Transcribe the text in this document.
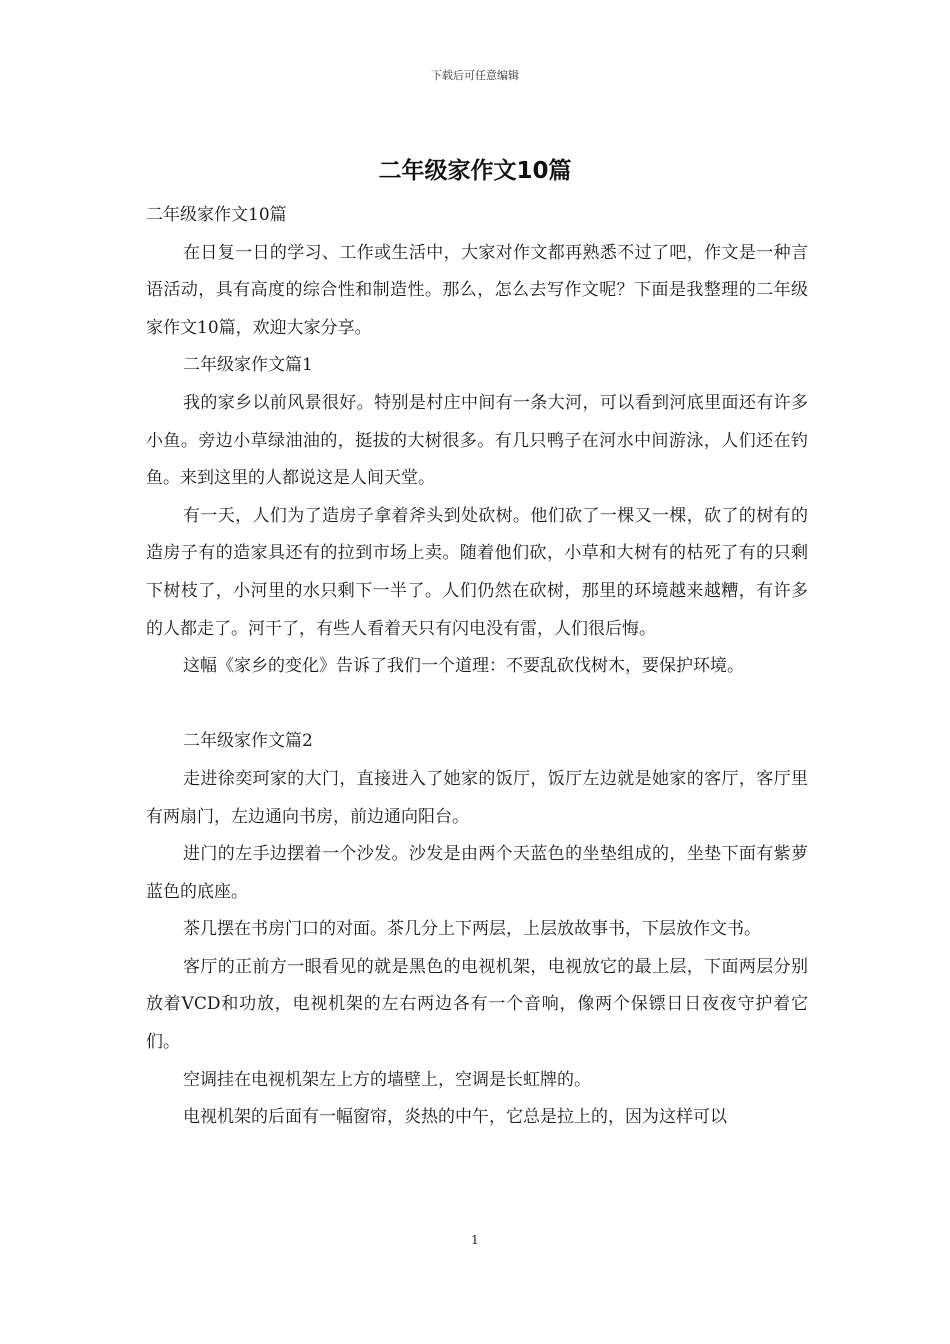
下载后可任意编辑
二年级家作文10篇

二年级家作文10篇

在日复一日的学习、工作或生活中，大家对作文都再熟悉不过了吧，作文是一种言语活动，具有高度的综合性和制造性。那么，怎么去写作文呢？下面是我整理的二年级家作文10篇，欢迎大家分享。

二年级家作文篇1

我的家乡以前风景很好。特别是村庄中间有一条大河，可以看到河底里面还有许多小鱼。旁边小草绿油油的，挺拔的大树很多。有几只鸭子在河水中间游泳，人们还在钓鱼。来到这里的人都说这是人间天堂。

有一天，人们为了造房子拿着斧头到处砍树。他们砍了一棵又一棵，砍了的树有的造房子有的造家具还有的拉到市场上卖。随着他们砍，小草和大树有的枯死了有的只剩下树枝了，小河里的水只剩下一半了。人们仍然在砍树，那里的环境越来越糟，有许多的人都走了。河干了，有些人看着天只有闪电没有雷，人们很后悔。

这幅《家乡的变化》告诉了我们一个道理：不要乱砍伐树木，要保护环境。

二年级家作文篇2

走进徐奕珂家的大门，直接进入了她家的饭厅，饭厅左边就是她家的客厅，客厅里有两扇门，左边通向书房，前边通向阳台。

进门的左手边摆着一个沙发。沙发是由两个天蓝色的坐垫组成的，坐垫下面有紫萝蓝色的底座。

茶几摆在书房门口的对面。茶几分上下两层，上层放故事书，下层放作文书。

客厅的正前方一眼看见的就是黑色的电视机架，电视放它的最上层，下面两层分别放着VCD和功放，电视机架的左右两边各有一个音响，像两个保镖日日夜夜守护着它们。

空调挂在电视机架左上方的墙壁上，空调是长虹牌的。

电视机架的后面有一幅窗帘，炎热的中午，它总是拉上的，因为这样可以

1
